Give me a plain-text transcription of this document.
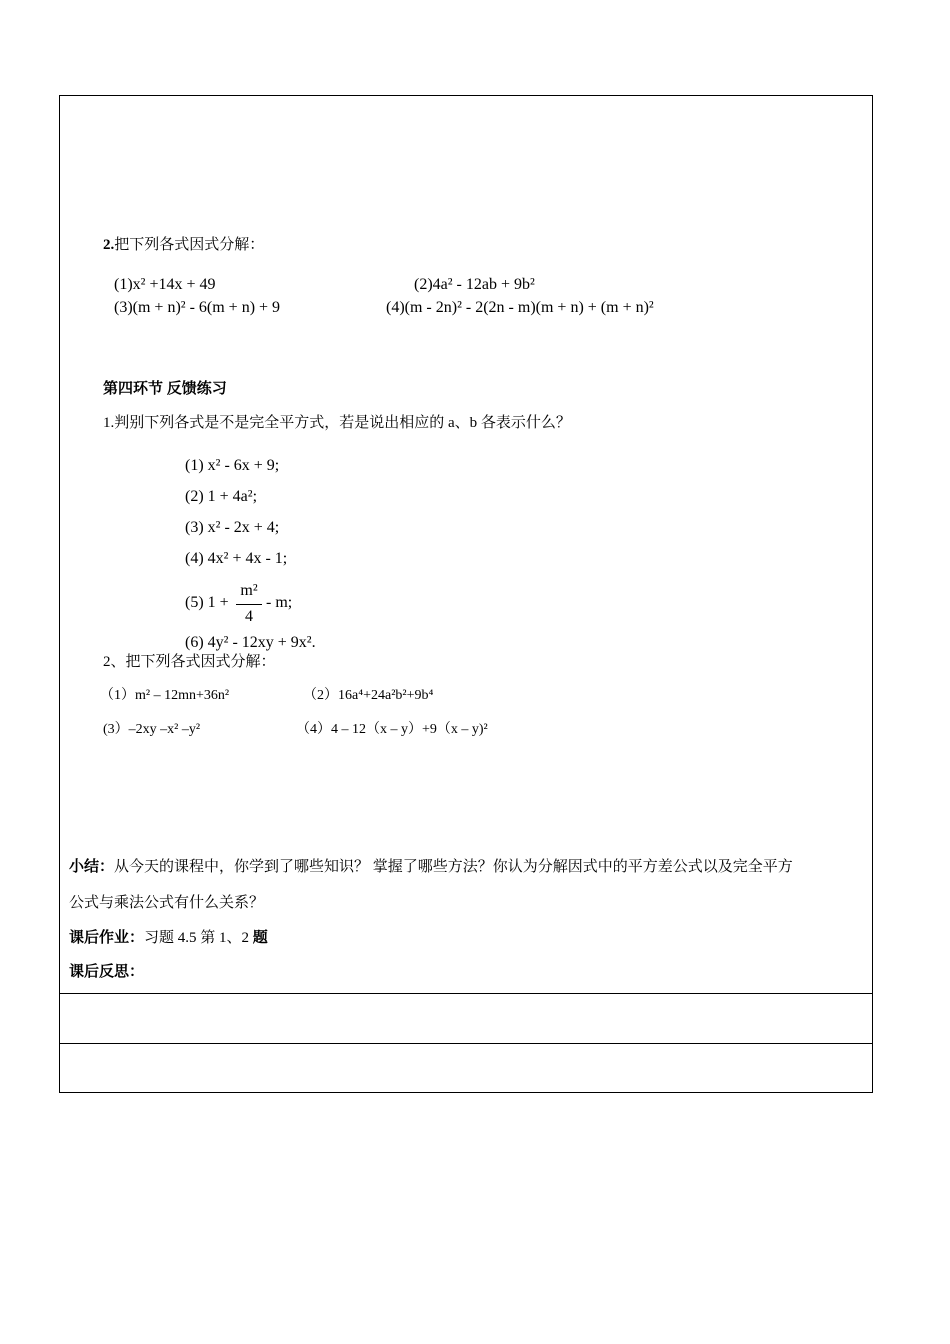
2.把下列各式因式分解：
(1)x² +14x + 49	(2)4a² - 12ab + 9b²
(3)(m + n)² - 6(m + n) + 9	(4)(m - 2n)² - 2(2n - m)(m + n) + (m + n)²
第四环节 反馈练习
1.判别下列各式是不是完全平方式，若是说出相应的 a、b 各表示什么？
(1) x² - 6x + 9;
(2) 1 + 4a²;
(3) x² - 2x + 4;
(4) 4x² + 4x - 1;
(5) 1 +
m²
4
- m;
(6) 4y² - 12xy + 9x².
2、把下列各式因式分解：
（1）m² – 12mn+36n²	（2）16a⁴+24a²b²+9b⁴
(3）–2xy –x² –y²	（4）4 – 12（x – y）+9（x – y)²
小结：从今天的课程中，你学到了哪些知识？ 掌握了哪些方法？你认为分解因式中的平方差公式以及完全平方
公式与乘法公式有什么关系？
课后作业：习题 4.5 第 1、2 题
课后反思：
